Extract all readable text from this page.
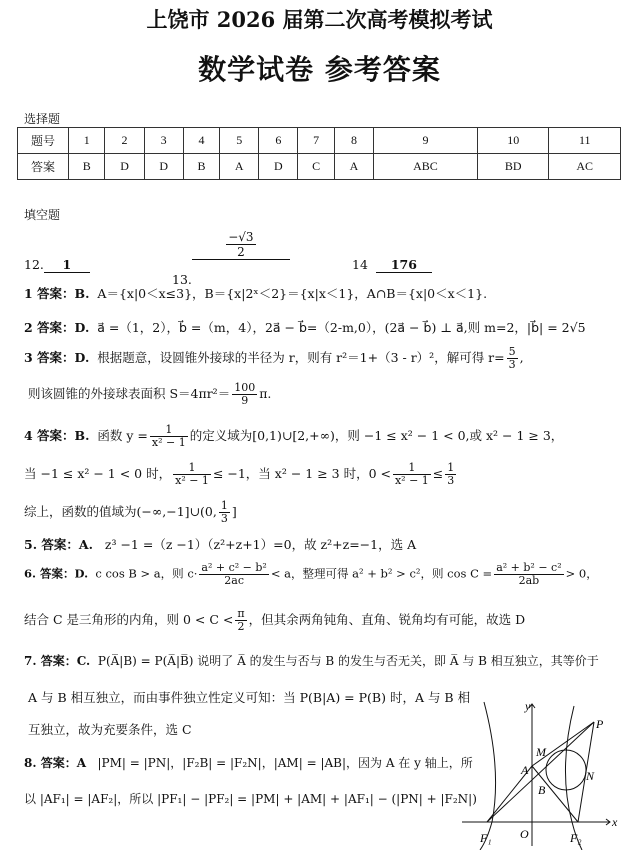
上饶市 2026 届第二次高考模拟考试
数学试卷 参考答案
选择题
题号	1	2	3	4	5	6	7	8	9	10	11
答案	B	D	D	B	A	D	C	A	ABC	BD	AC
填空题
12. 1
$13.\frac{-√3}{2}$
14 176
1 答案：B. A＝{x|0＜x≤3}，B＝{x|2ˣ＜2}＝{x|x＜1}，A∩B＝{x|0＜x＜1}.
2 答案：D. a⃗ =（1，2），b⃗ =（m，4），2a⃗ − b⃗=（2-m,0），(2a⃗ − b⃗) ⊥ a⃗,则 m=2，|b⃗| = 2√5
3 答案：D. 根据题意，设圆锥外接球的半径为 r，则有 r²＝1+（3 - r）²，解可得 $r= \frac{5}{3}$ ,
则该圆锥的外接球表面积 $S=4\pi r^2= \frac{100}{9} \pi$.
4 答案：B. 函数 $y = \frac{1}{\text{x² − 1}}$ 的定义域为[0,1)∪[2,+∞)，则 −1 ≤ x² − 1 < 0,或 x² − 1 ≥ 3，
当 −1 ≤ x² − 1 < 0 时， $\frac{1}{\text{x² − 1}} \le -1$，当 x² − 1 ≥ 3 时，$0 < \frac{1}{\text{x² − 1}} \le \frac{1}{3}$
综上，函数的值域为(−∞,−1]∪(0, $\frac{1}{3}$ ]
5. 答案：A. z³ −1 =（z −1）（z²+z+1）=0，故 z²+z=−1，选 A
6. 答案：D. c cos B > a，则 $c\cdot \frac{\text{a² + c² − b²}}{2ac} < a$，整理可得 a² + b² > c²，则 $\cos C = \frac{\text{a² + b² − c²}}{2ab} > 0$，
结合 C 是三角形的内角，则 $0 < C < \frac{\pi}{2}$ ，但其余两角钝角、直角、锐角均有可能，故选 D
7. 答案：C. P(A̅|B) = P(A̅|B̅) 说明了 A̅ 的发生与否与 B 的发生与否无关，即 A̅ 与 B 相互独立，其等价于
A 与 B 相互独立，而由事件独立性定义可知：当 P(B|A) = P(B) 时，A 与 B 相
互独立，故为充要条件，选 C
8. 答案：A |PM| = |PN|，|F₂B| = |F₂N|，|AM| = |AB|，因为 A 在 y 轴上，所
以 |AF₁| = |AF₂|，所以 |PF₁| − |PF₂| = |PM| + |AM| + |AF₁| − (|PN| + |F₂N|)
y
x
P
M
A	N
B
F₁ O	F₂
